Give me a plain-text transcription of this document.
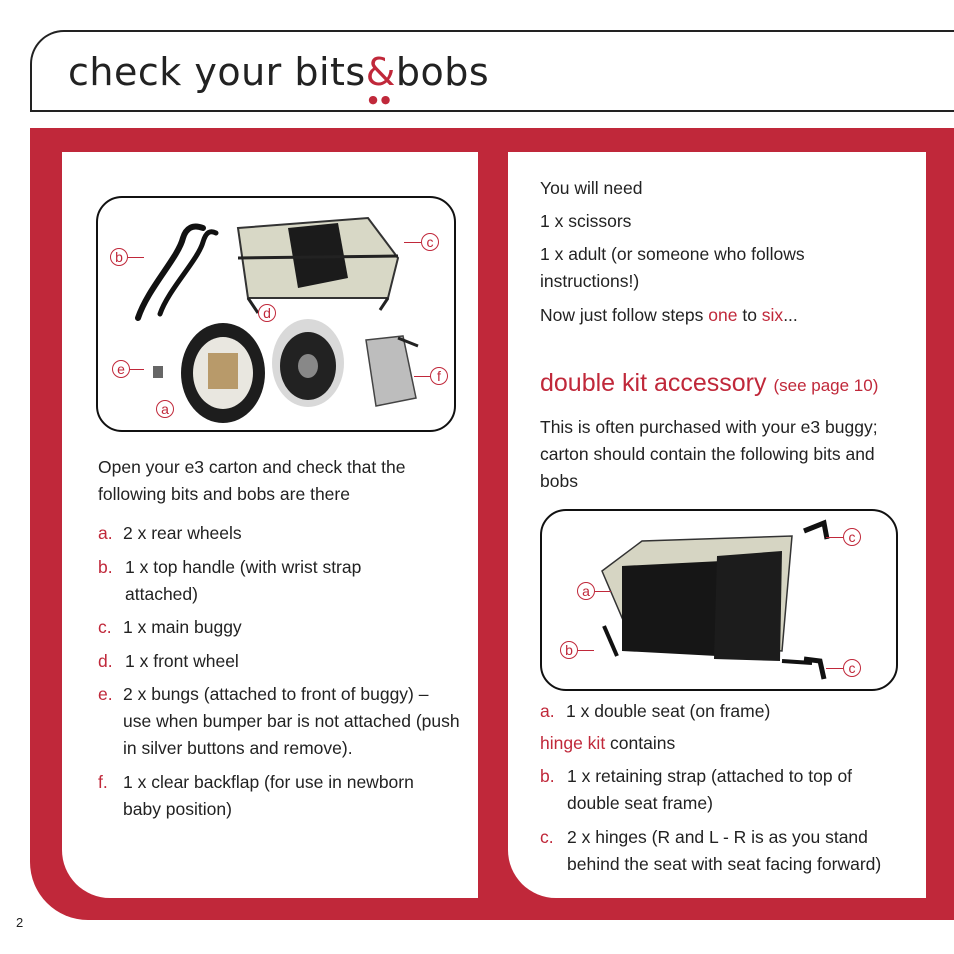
check your bits&
●●
bobs
b
c
d
e	f
a
Open your e3 carton and check that the following bits and bobs are there
a. 2 x rear wheels
b. 1 x top handle (with wrist strap attached)
c. 1 x main buggy
d. 1 x front wheel
e. 2 x bungs (attached to front of buggy) – use when bumper bar is not attached (push in silver buttons and remove).
f. 1 x clear backflap (for use in newborn baby position)
You will need
1 x scissors
1 x adult (or someone who follows instructions!)
Now just follow steps one to six...
double kit accessory (see page 10)
This is often purchased with your e3 buggy; carton should contain the following bits and bobs
c
c
a
b
a. 1 x double seat (on frame)
hinge kit contains
b. 1 x retaining strap (attached to top of double seat frame)
c. 2 x hinges (R and L - R is as you stand behind the seat with seat facing forward)
2
